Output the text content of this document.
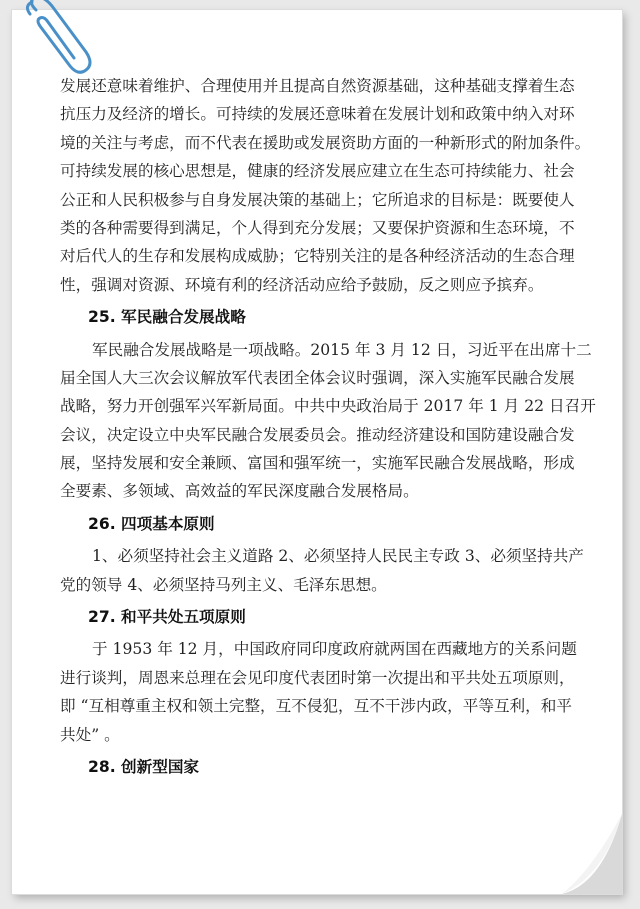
发展还意味着维护、合理使用并且提高自然资源基础，这种基础支撑着生态
抗压力及经济的增长。可持续的发展还意味着在发展计划和政策中纳入对环
境的关注与考虑，而不代表在援助或发展资助方面的一种新形式的附加条件。
可持续发展的核心思想是，健康的经济发展应建立在生态可持续能力、社会
公正和人民积极参与自身发展决策的基础上；它所追求的目标是：既要使人
类的各种需要得到满足，个人得到充分发展；又要保护资源和生态环境，不
对后代人的生存和发展构成威胁；它特别关注的是各种经济活动的生态合理
性，强调对资源、环境有利的经济活动应给予鼓励，反之则应予摈弃。
25. 军民融合发展战略
军民融合发展战略是一项战略。2015 年 3 月 12 日，习近平在出席十二
届全国人大三次会议解放军代表团全体会议时强调，深入实施军民融合发展
战略，努力开创强军兴军新局面。中共中央政治局于 2017 年 1 月 22 日召开
会议，决定设立中央军民融合发展委员会。推动经济建设和国防建设融合发
展，坚持发展和安全兼顾、富国和强军统一，实施军民融合发展战略，形成
全要素、多领域、高效益的军民深度融合发展格局。
26. 四项基本原则
1、必须坚持社会主义道路 2、必须坚持人民民主专政 3、必须坚持共产
党的领导 4、必须坚持马列主义、毛泽东思想。
27. 和平共处五项原则
于 1953 年 12 月，中国政府同印度政府就两国在西藏地方的关系问题
进行谈判，周恩来总理在会见印度代表团时第一次提出和平共处五项原则，
即 “互相尊重主权和领土完整，互不侵犯，互不干涉内政，平等互利，和平
共处” 。
28. 创新型国家
